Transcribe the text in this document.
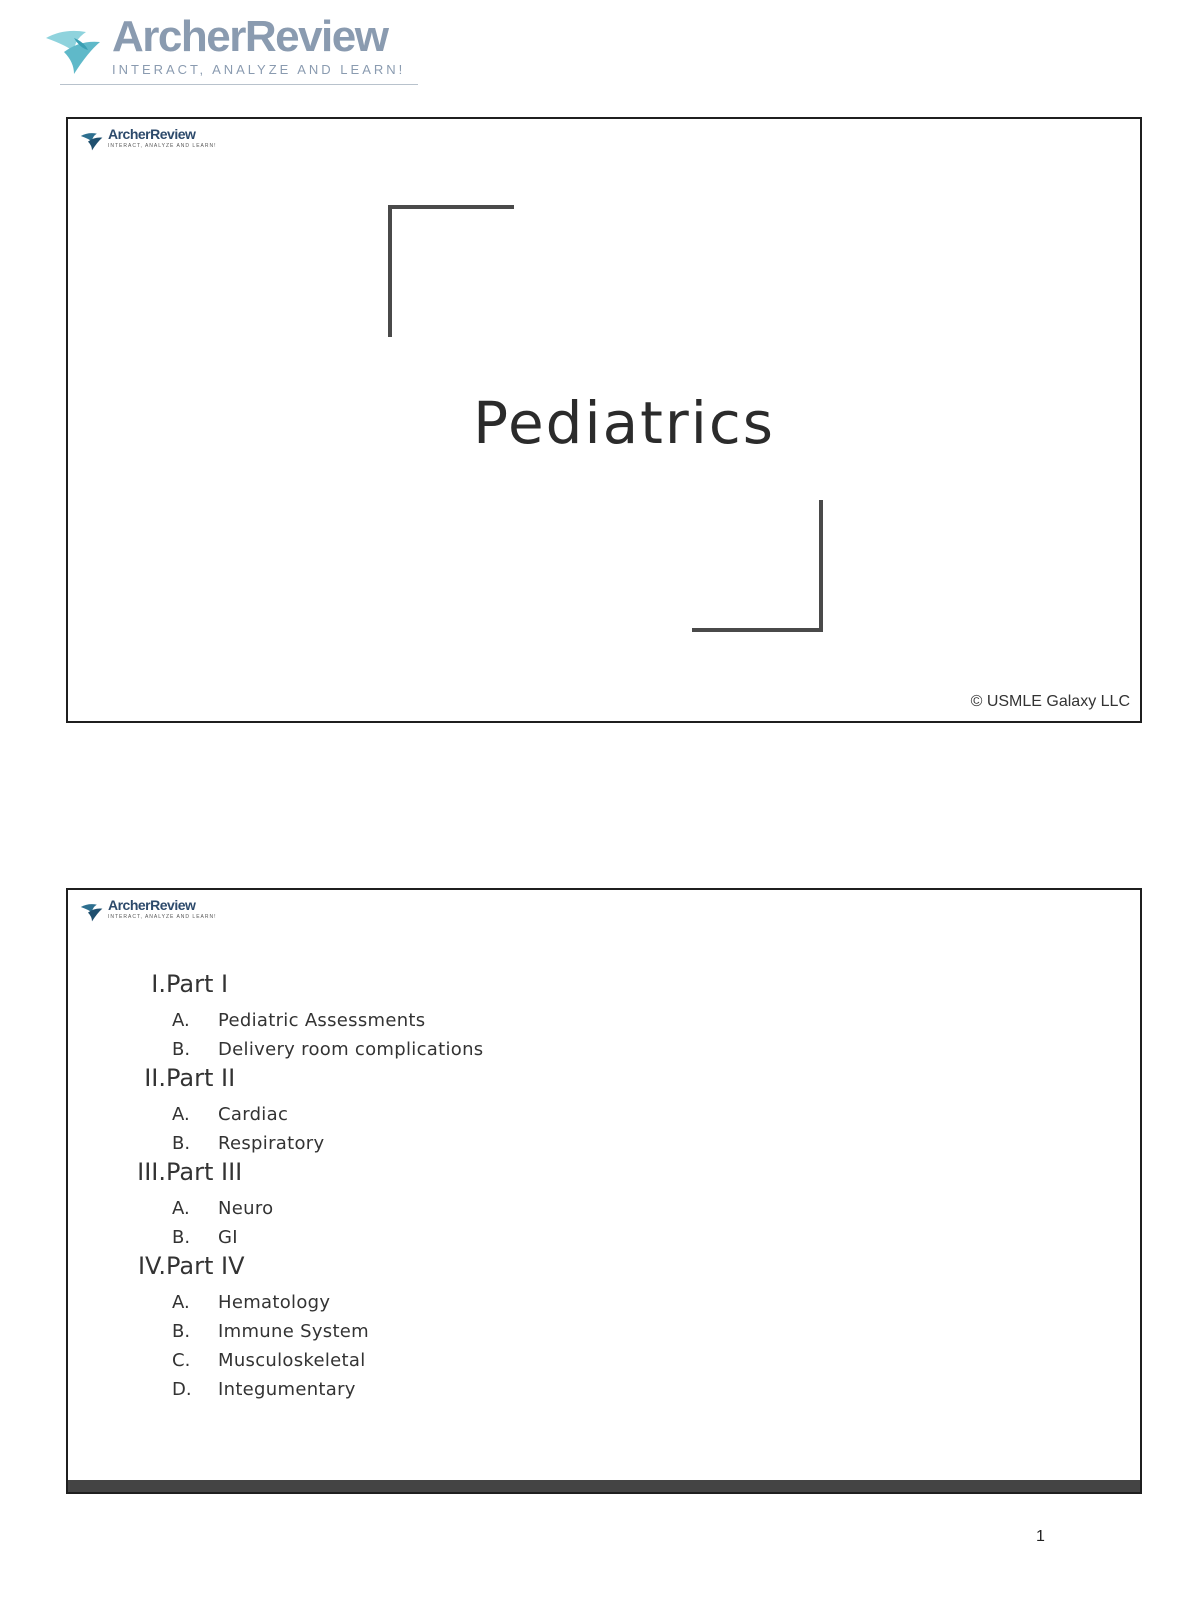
ArcherReview
INTERACT, ANALYZE AND LEARN!
ArcherReview
INTERACT, ANALYZE AND LEARN!
Pediatrics
© USMLE Galaxy LLC
ArcherReview
INTERACT, ANALYZE AND LEARN!
I. Part I
A. Pediatric Assessments
B. Delivery room complications
II. Part II
A. Cardiac
B. Respiratory
III. Part III
A. Neuro
B. GI
IV. Part IV
A. Hematology
B. Immune System
C. Musculoskeletal
D. Integumentary
1
